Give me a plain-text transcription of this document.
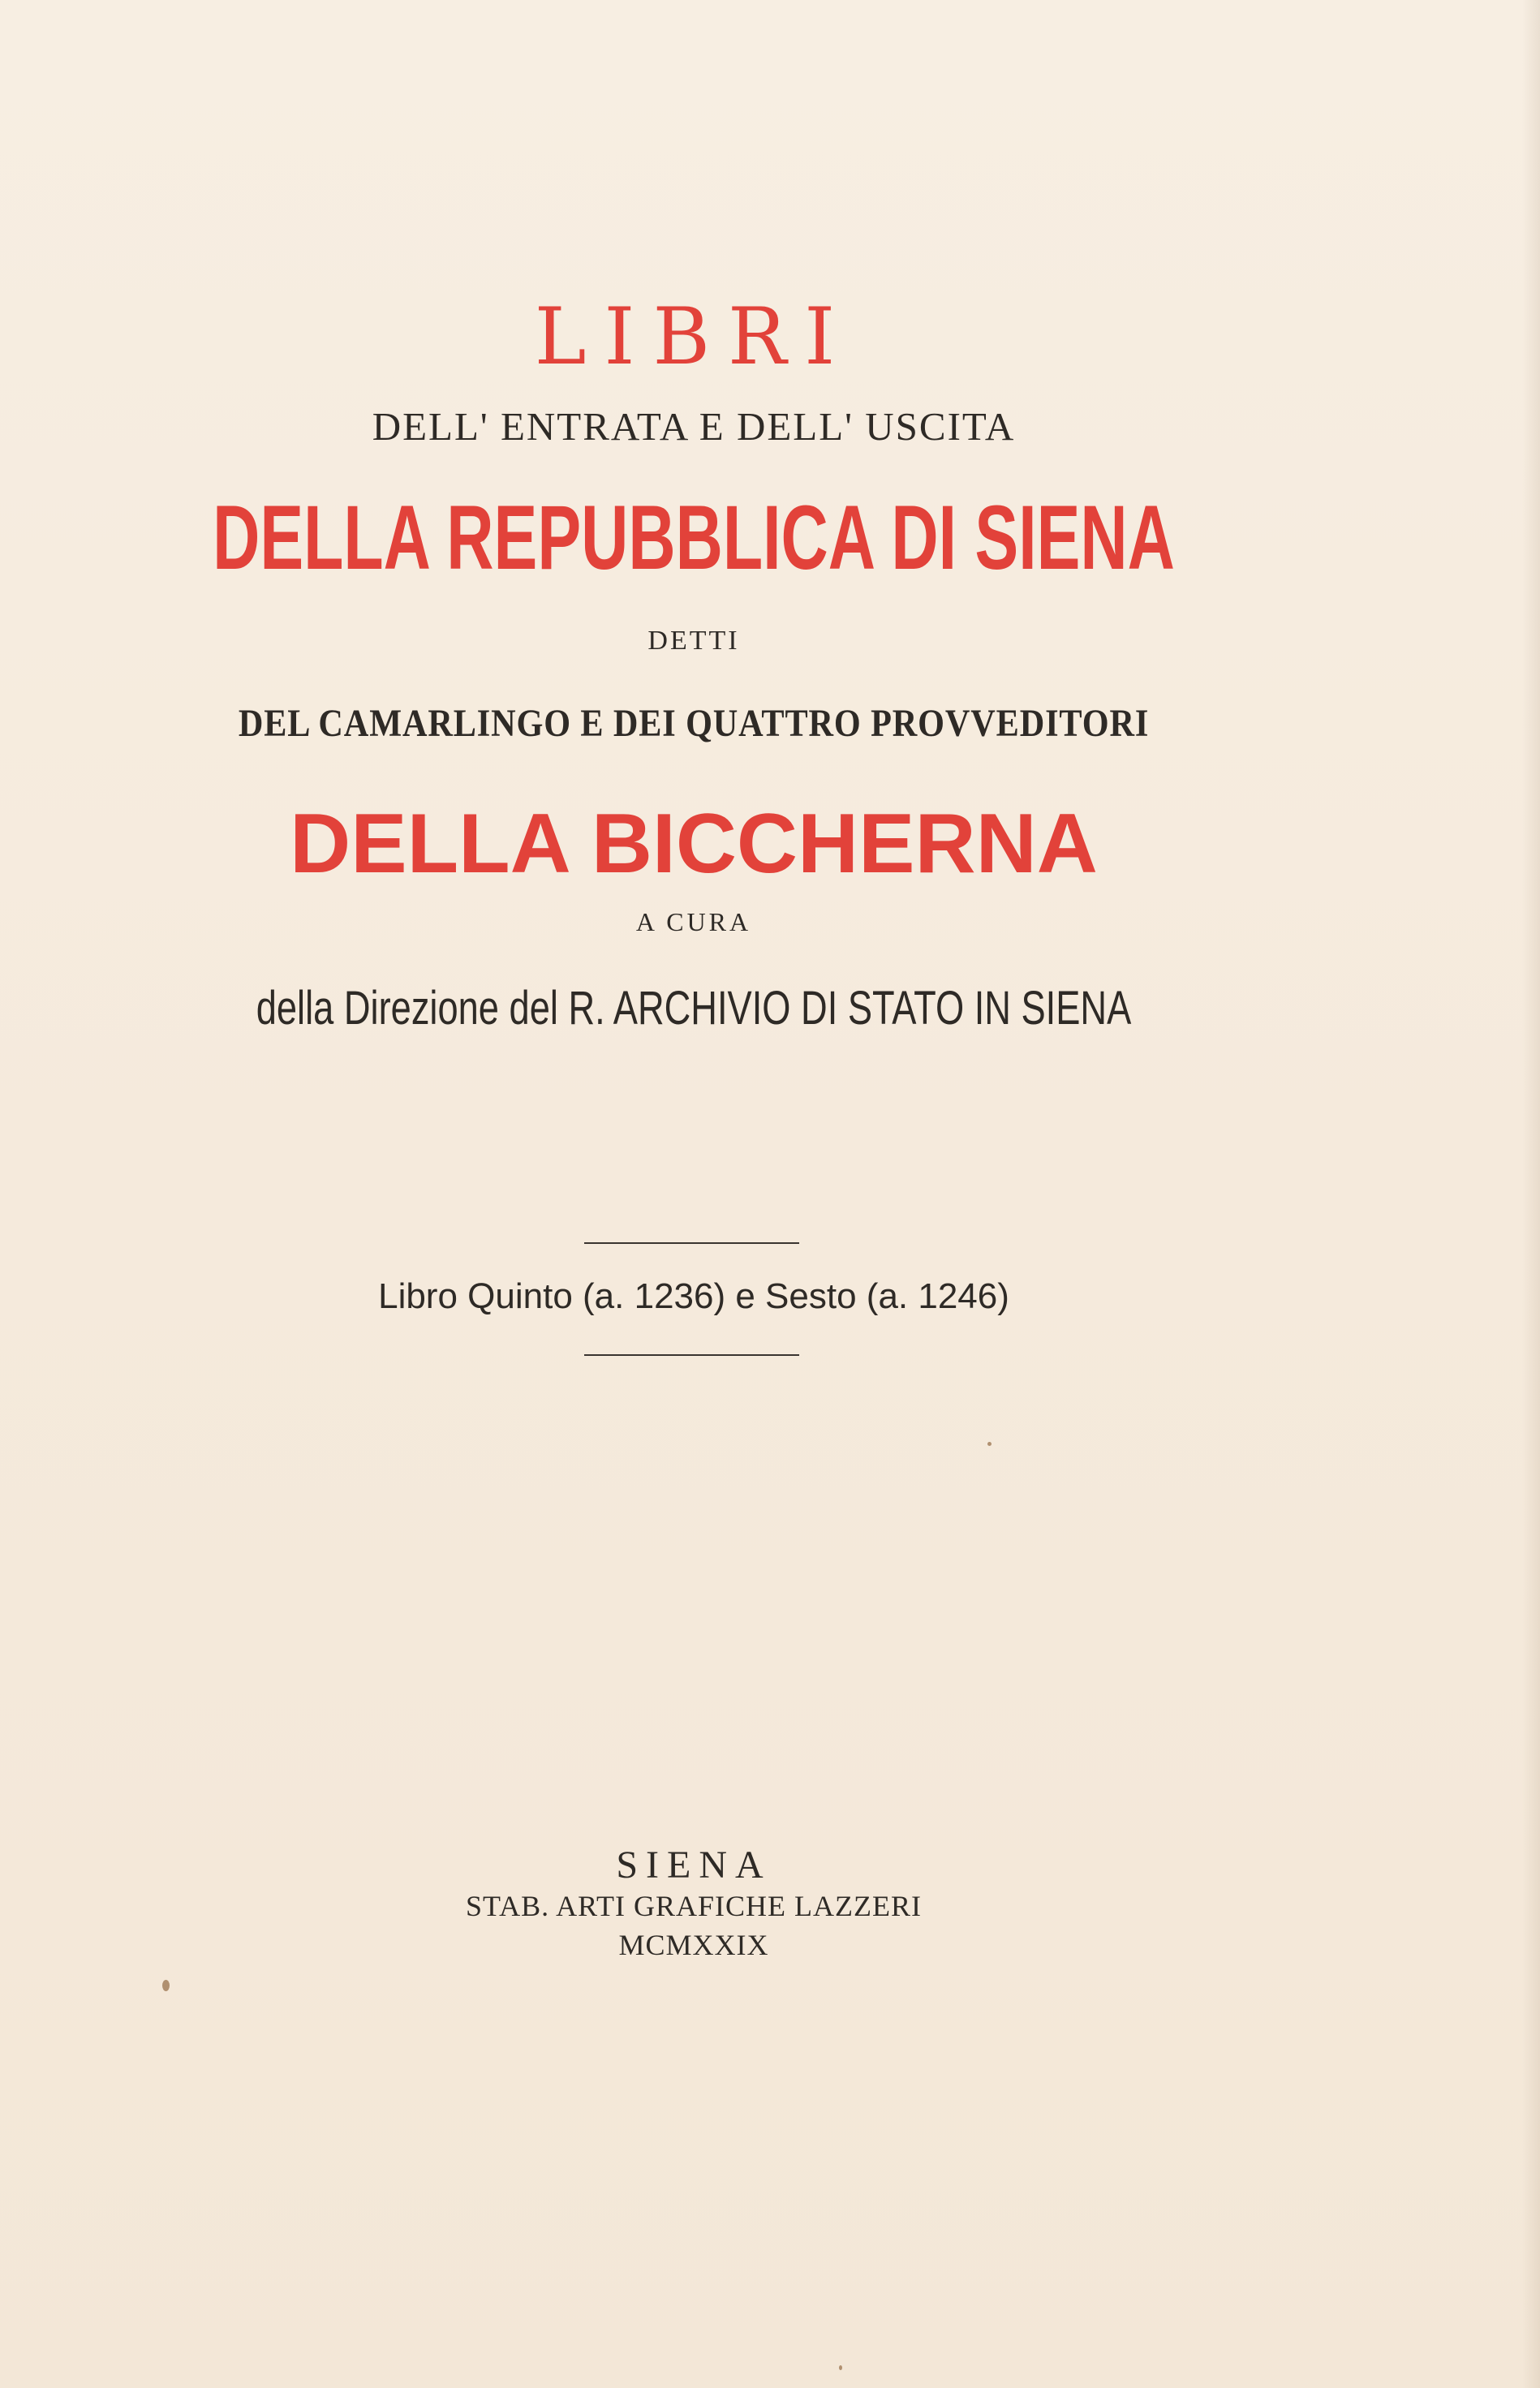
LIBRI

DELL' ENTRATA E DELL' USCITA

DELLA REPUBBLICA DI SIENA

DETTI

DEL CAMARLINGO E DEI QUATTRO PROVVEDITORI

DELLA BICCHERNA

A CURA

della Direzione del R. ARCHIVIO DI STATO IN SIENA

Libro Quinto (a. 1236) e Sesto (a. 1246)

SIENA

STAB. ARTI GRAFICHE LAZZERI

MCMXXIX
